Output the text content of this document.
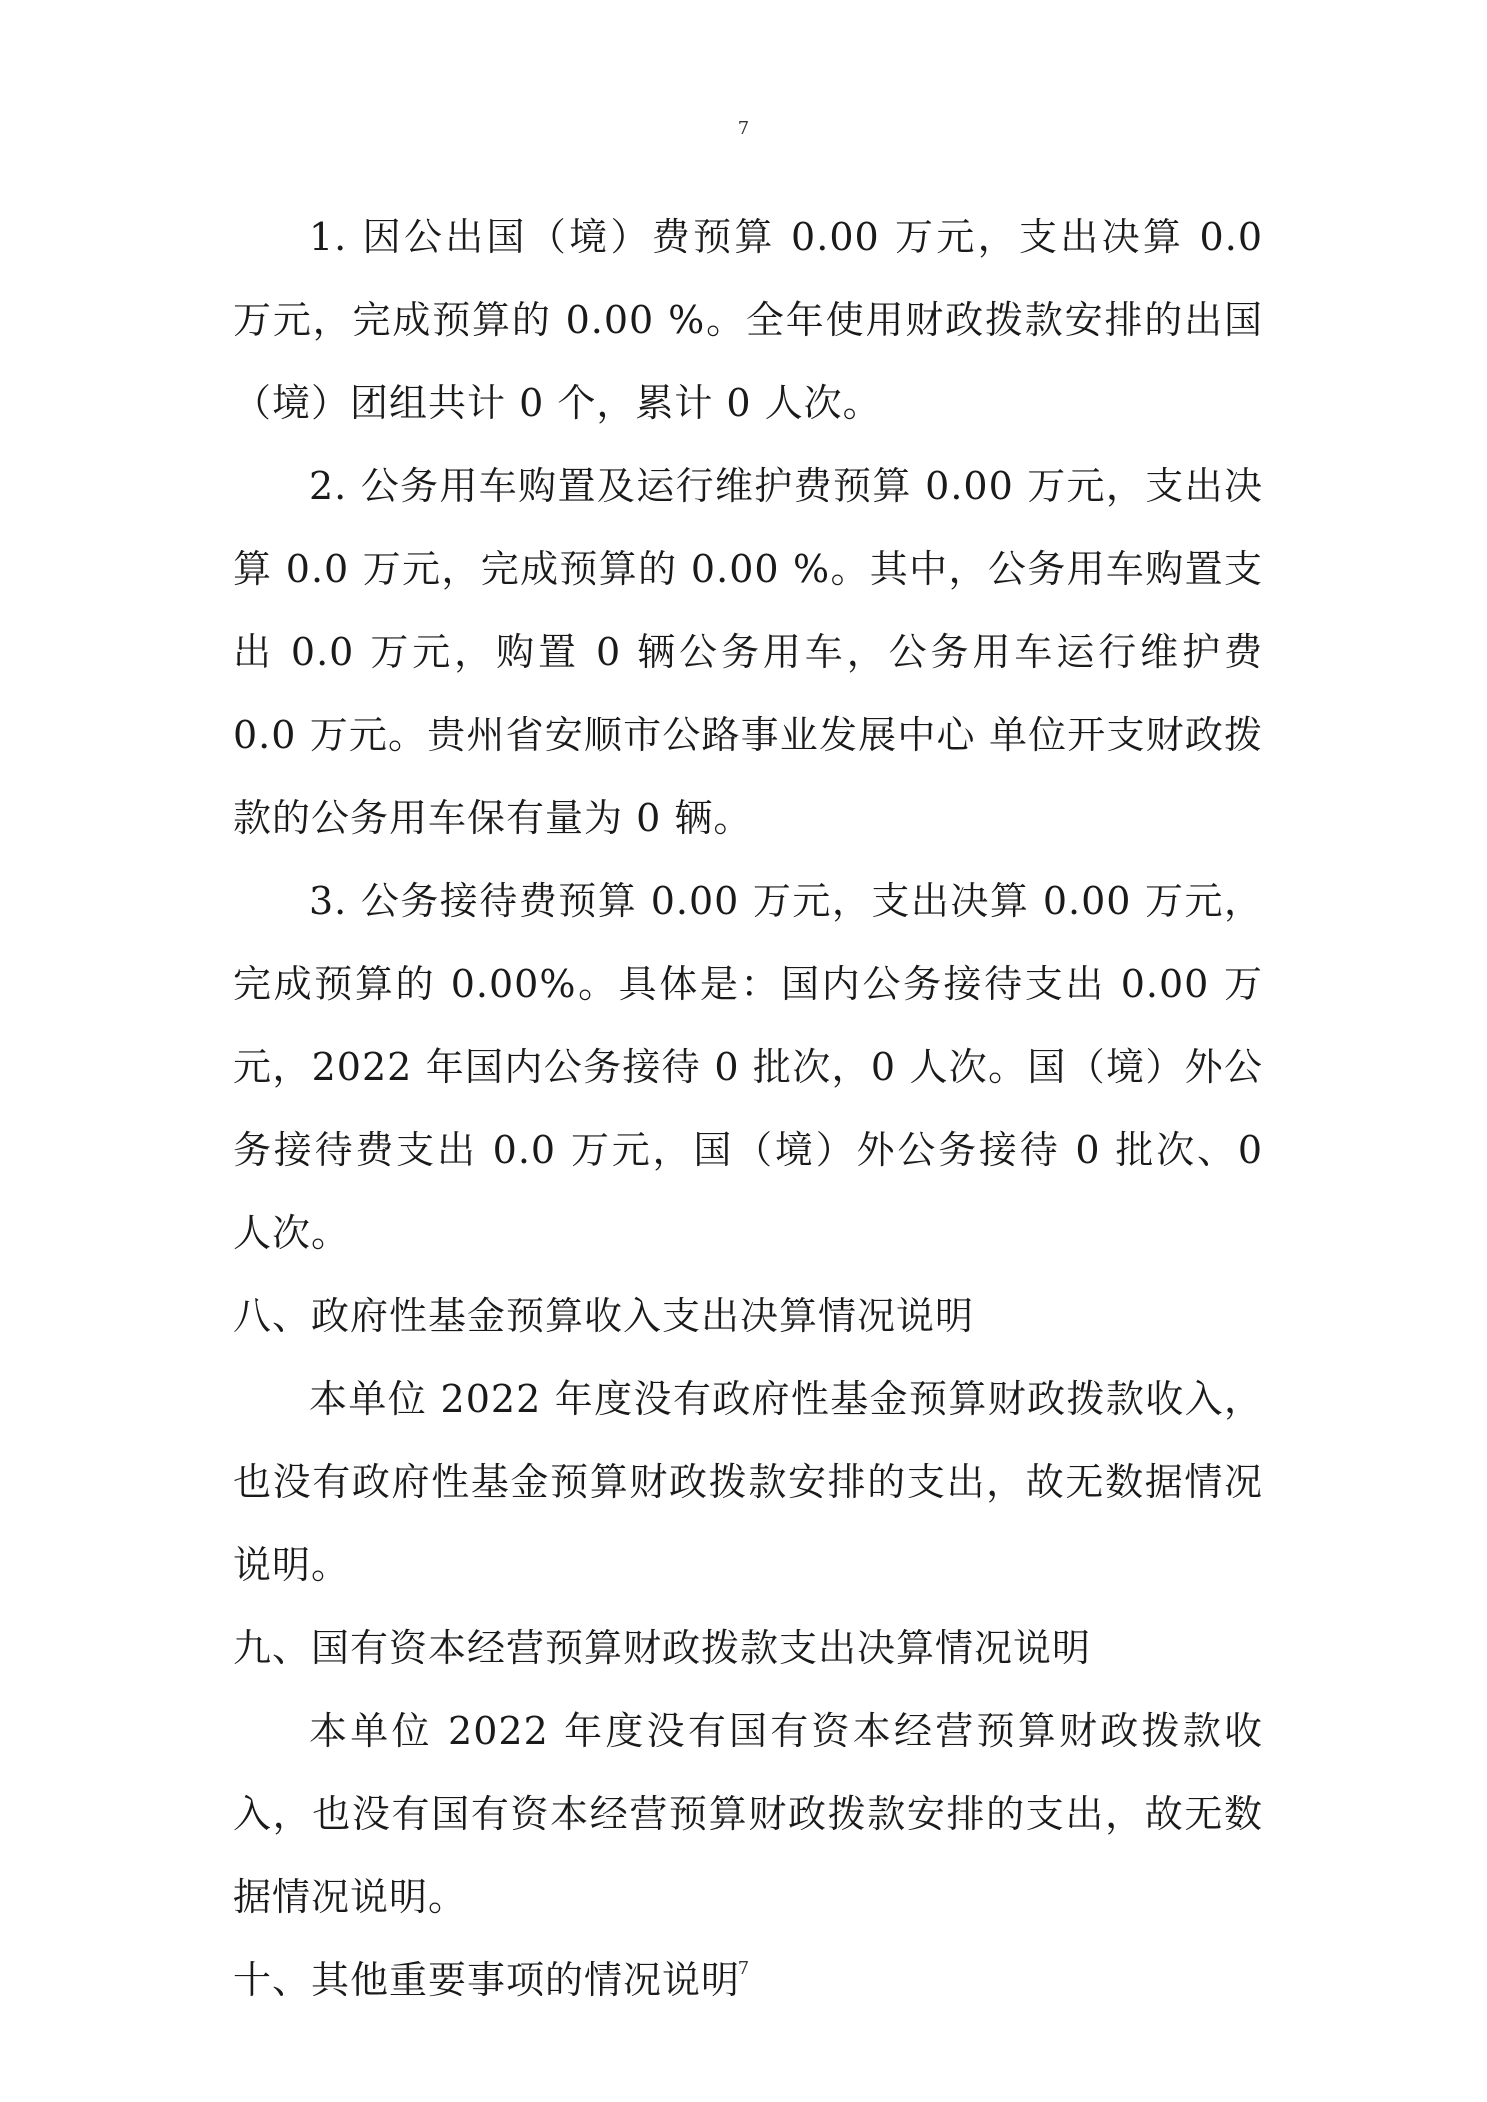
7

1. 因公出国（境）费预算 0.00 万元，支出决算 0.0 万元，完成预算的 0.00 %。全年使用财政拨款安排的出国（境）团组共计 0 个，累计 0 人次。

2. 公务用车购置及运行维护费预算 0.00 万元，支出决算 0.0 万元，完成预算的 0.00 %。其中，公务用车购置支出 0.0 万元，购置 0 辆公务用车，公务用车运行维护费 0.0 万元。贵州省安顺市公路事业发展中心 单位开支财政拨款的公务用车保有量为 0 辆。

3. 公务接待费预算 0.00 万元，支出决算 0.00 万元，完成预算的 0.00%。具体是：国内公务接待支出 0.00 万元，2022 年国内公务接待 0 批次，0 人次。国（境）外公务接待费支出 0.0 万元，国（境）外公务接待 0 批次、0 人次。

八、政府性基金预算收入支出决算情况说明

本单位 2022 年度没有政府性基金预算财政拨款收入，也没有政府性基金预算财政拨款安排的支出，故无数据情况说明。

九、国有资本经营预算财政拨款支出决算情况说明

本单位 2022 年度没有国有资本经营预算财政拨款收入，也没有国有资本经营预算财政拨款安排的支出，故无数据情况说明。

十、其他重要事项的情况说明

7
